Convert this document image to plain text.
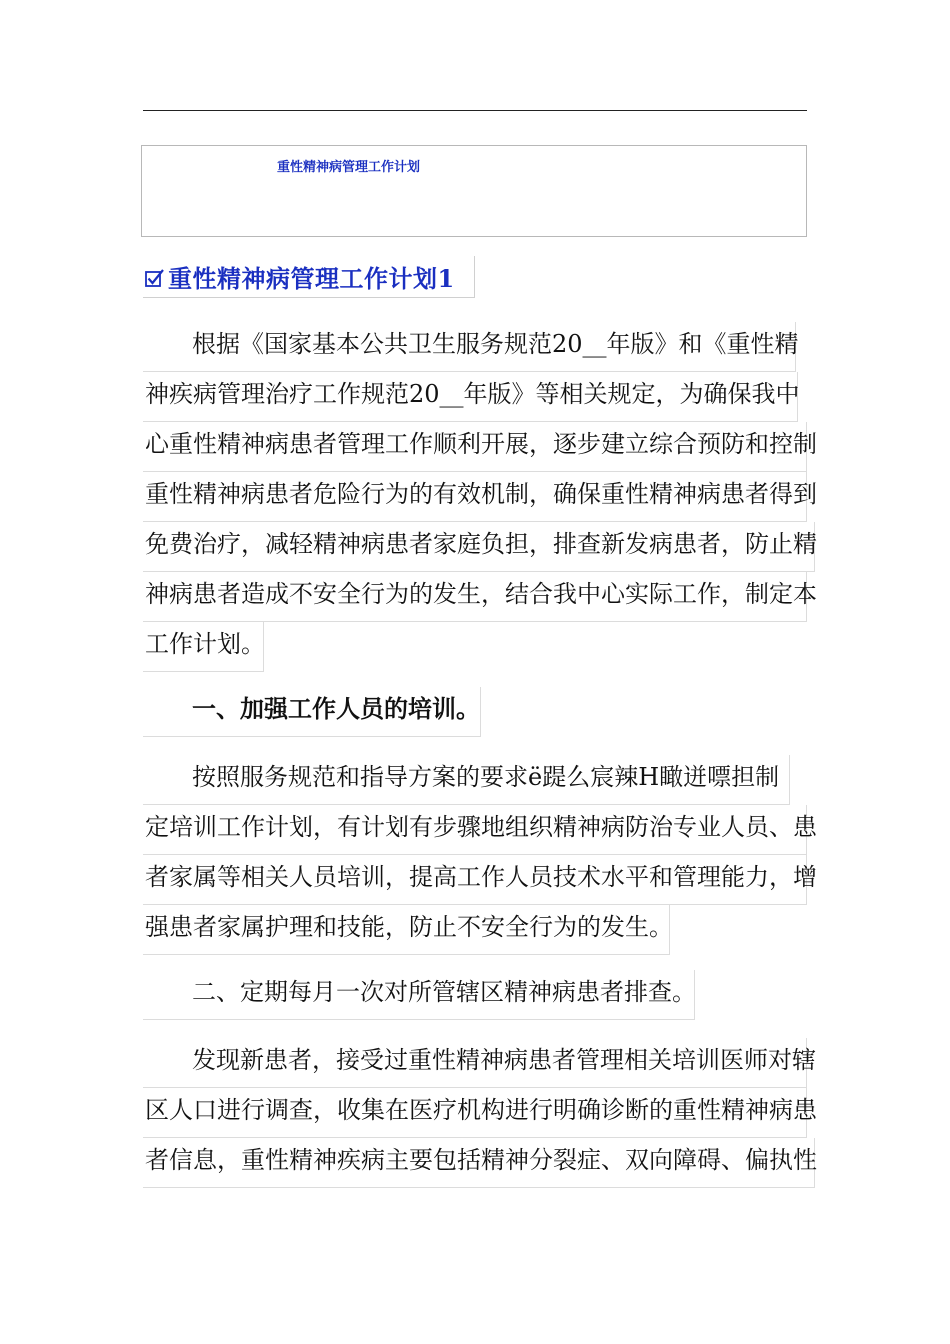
重性精神病管理工作计划
重性精神病管理工作计划1
根据《国家基本公共卫生服务规范20__年版》和《重性精
神疾病管理治疗工作规范20__年版》等相关规定，为确保我中
心重性精神病患者管理工作顺利开展，逐步建立综合预防和控制
重性精神病患者危险行为的有效机制，确保重性精神病患者得到
免费治疗，减轻精神病患者家庭负担，排查新发病患者，防止精
神病患者造成不安全行为的发生，结合我中心实际工作，制定本
工作计划。
一、加强工作人员的培训。
按照服务规范和指导方案的要求ё踶么宸辣Н瞰迸嘌担制
定培训工作计划，有计划有步骤地组织精神病防治专业人员、患
者家属等相关人员培训，提高工作人员技术水平和管理能力，增
强患者家属护理和技能，防止不安全行为的发生。
二、定期每月一次对所管辖区精神病患者排查。
发现新患者，接受过重性精神病患者管理相关培训医师对辖
区人口进行调查，收集在医疗机构进行明确诊断的重性精神病患
者信息，重性精神疾病主要包括精神分裂症、双向障碍、偏执性
